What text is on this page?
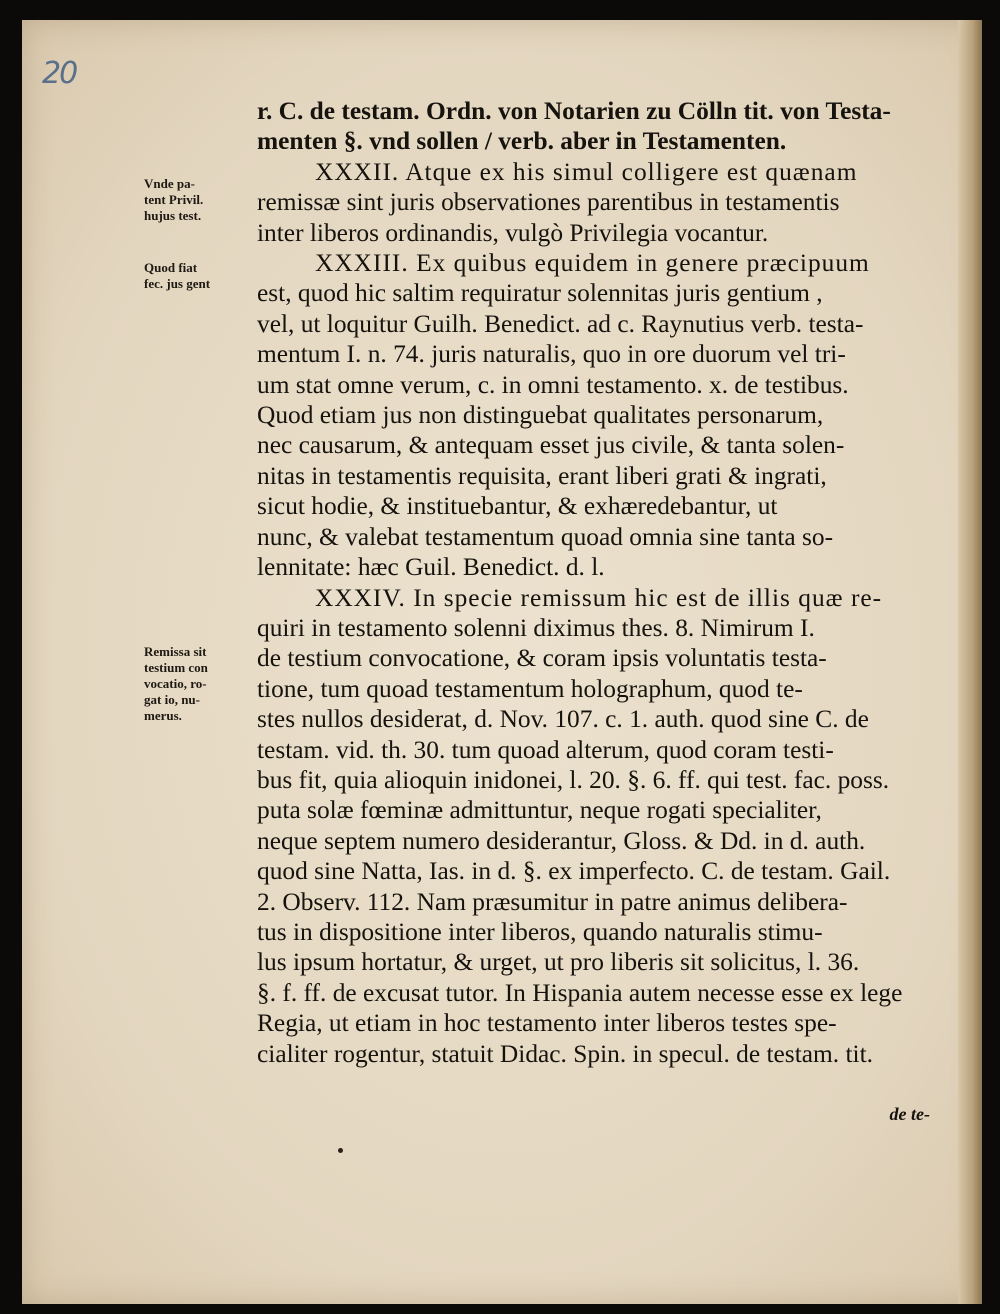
20
Vnde pa-
tent Privil.
hujus test.
Quod fiat
fec. jus gent
Remissa sit
testium con
vocatio, ro-
gat io, nu-
merus.
r. C. de testam. Ordn. von Notarien zu Cölln tit. von Testa-
menten §. vnd sollen / verb. aber in Testamenten.
XXXII. Atque ex his simul colligere est quænam
remissæ sint juris observationes parentibus in testamentis
inter liberos ordinandis, vulgò Privilegia vocantur.
XXXIII. Ex quibus equidem in genere præcipuum
est, quod hic saltim requiratur solennitas juris gentium ,
vel, ut loquitur Guilh. Benedict. ad c. Raynutius verb. testa-
mentum I. n. 74. juris naturalis, quo in ore duorum vel tri-
um stat omne verum, c. in omni testamento. x. de testibus.
Quod etiam jus non distinguebat qualitates personarum,
nec causarum, & antequam esset jus civile, & tanta solen-
nitas in testamentis requisita, erant liberi grati & ingrati,
sicut hodie, & instituebantur, & exhæredebantur, ut
nunc, & valebat testamentum quoad omnia sine tanta so-
lennitate: hæc Guil. Benedict. d. l.
XXXIV. In specie remissum hic est de illis quæ re-
quiri in testamento solenni diximus thes. 8. Nimirum I.
de testium convocatione, & coram ipsis voluntatis testa-
tione, tum quoad testamentum holographum, quod te-
stes nullos desiderat, d. Nov. 107. c. 1. auth. quod sine C. de
testam. vid. th. 30. tum quoad alterum, quod coram testi-
bus fit, quia alioquin inidonei, l. 20. §. 6. ff. qui test. fac. poss.
puta solæ fœminæ admittuntur, neque rogati specialiter,
neque septem numero desiderantur, Gloss. & Dd. in d. auth.
quod sine Natta, Ias. in d. §. ex imperfecto. C. de testam. Gail.
2. Observ. 112. Nam præsumitur in patre animus delibera-
tus in dispositione inter liberos, quando naturalis stimu-
lus ipsum hortatur, & urget, ut pro liberis sit solicitus, l. 36.
§. f. ff. de excusat tutor. In Hispania autem necesse esse ex lege
Regia, ut etiam in hoc testamento inter liberos testes spe-
cialiter rogentur, statuit Didac. Spin. in specul. de testam. tit.
de te-
